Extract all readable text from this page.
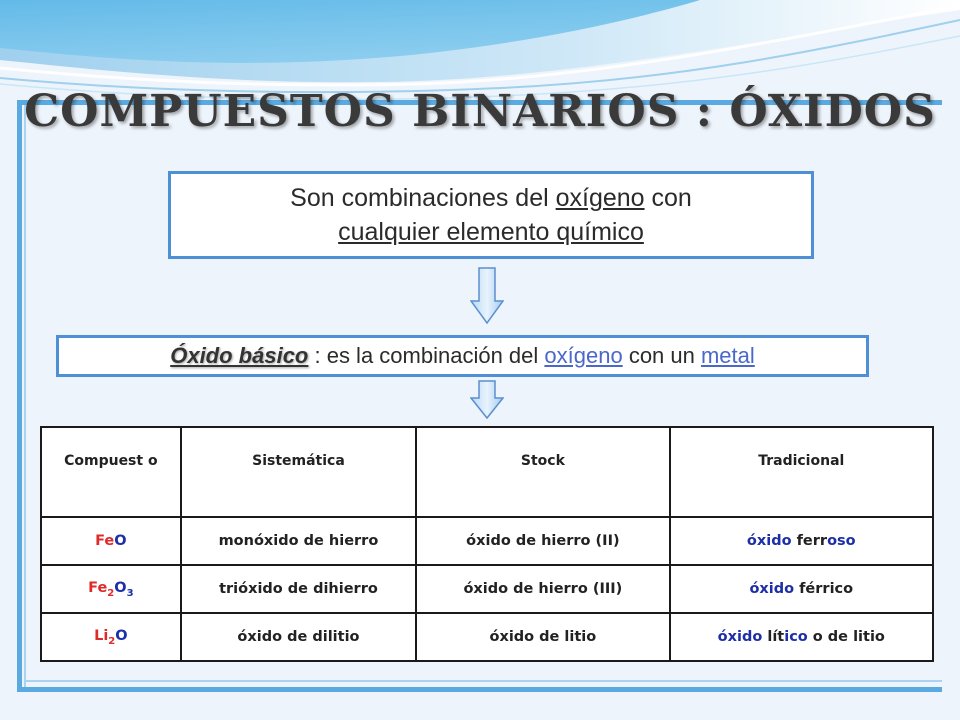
COMPUESTOS BINARIOS : ÓXIDOS
Son combinaciones del oxígeno con
cualquier elemento químico
Óxido básico : es la combinación del oxígeno con un metal
Compuest o	Sistemática	Stock	Tradicional
FeO	monóxido de hierro	óxido de hierro (II)	óxido ferroso
$Fe_2O_3$	trióxido de dihierro	óxido de hierro (III)	óxido férrico
$Li_2O$	óxido de dilitio	óxido de litio	óxido lítico o de litio
